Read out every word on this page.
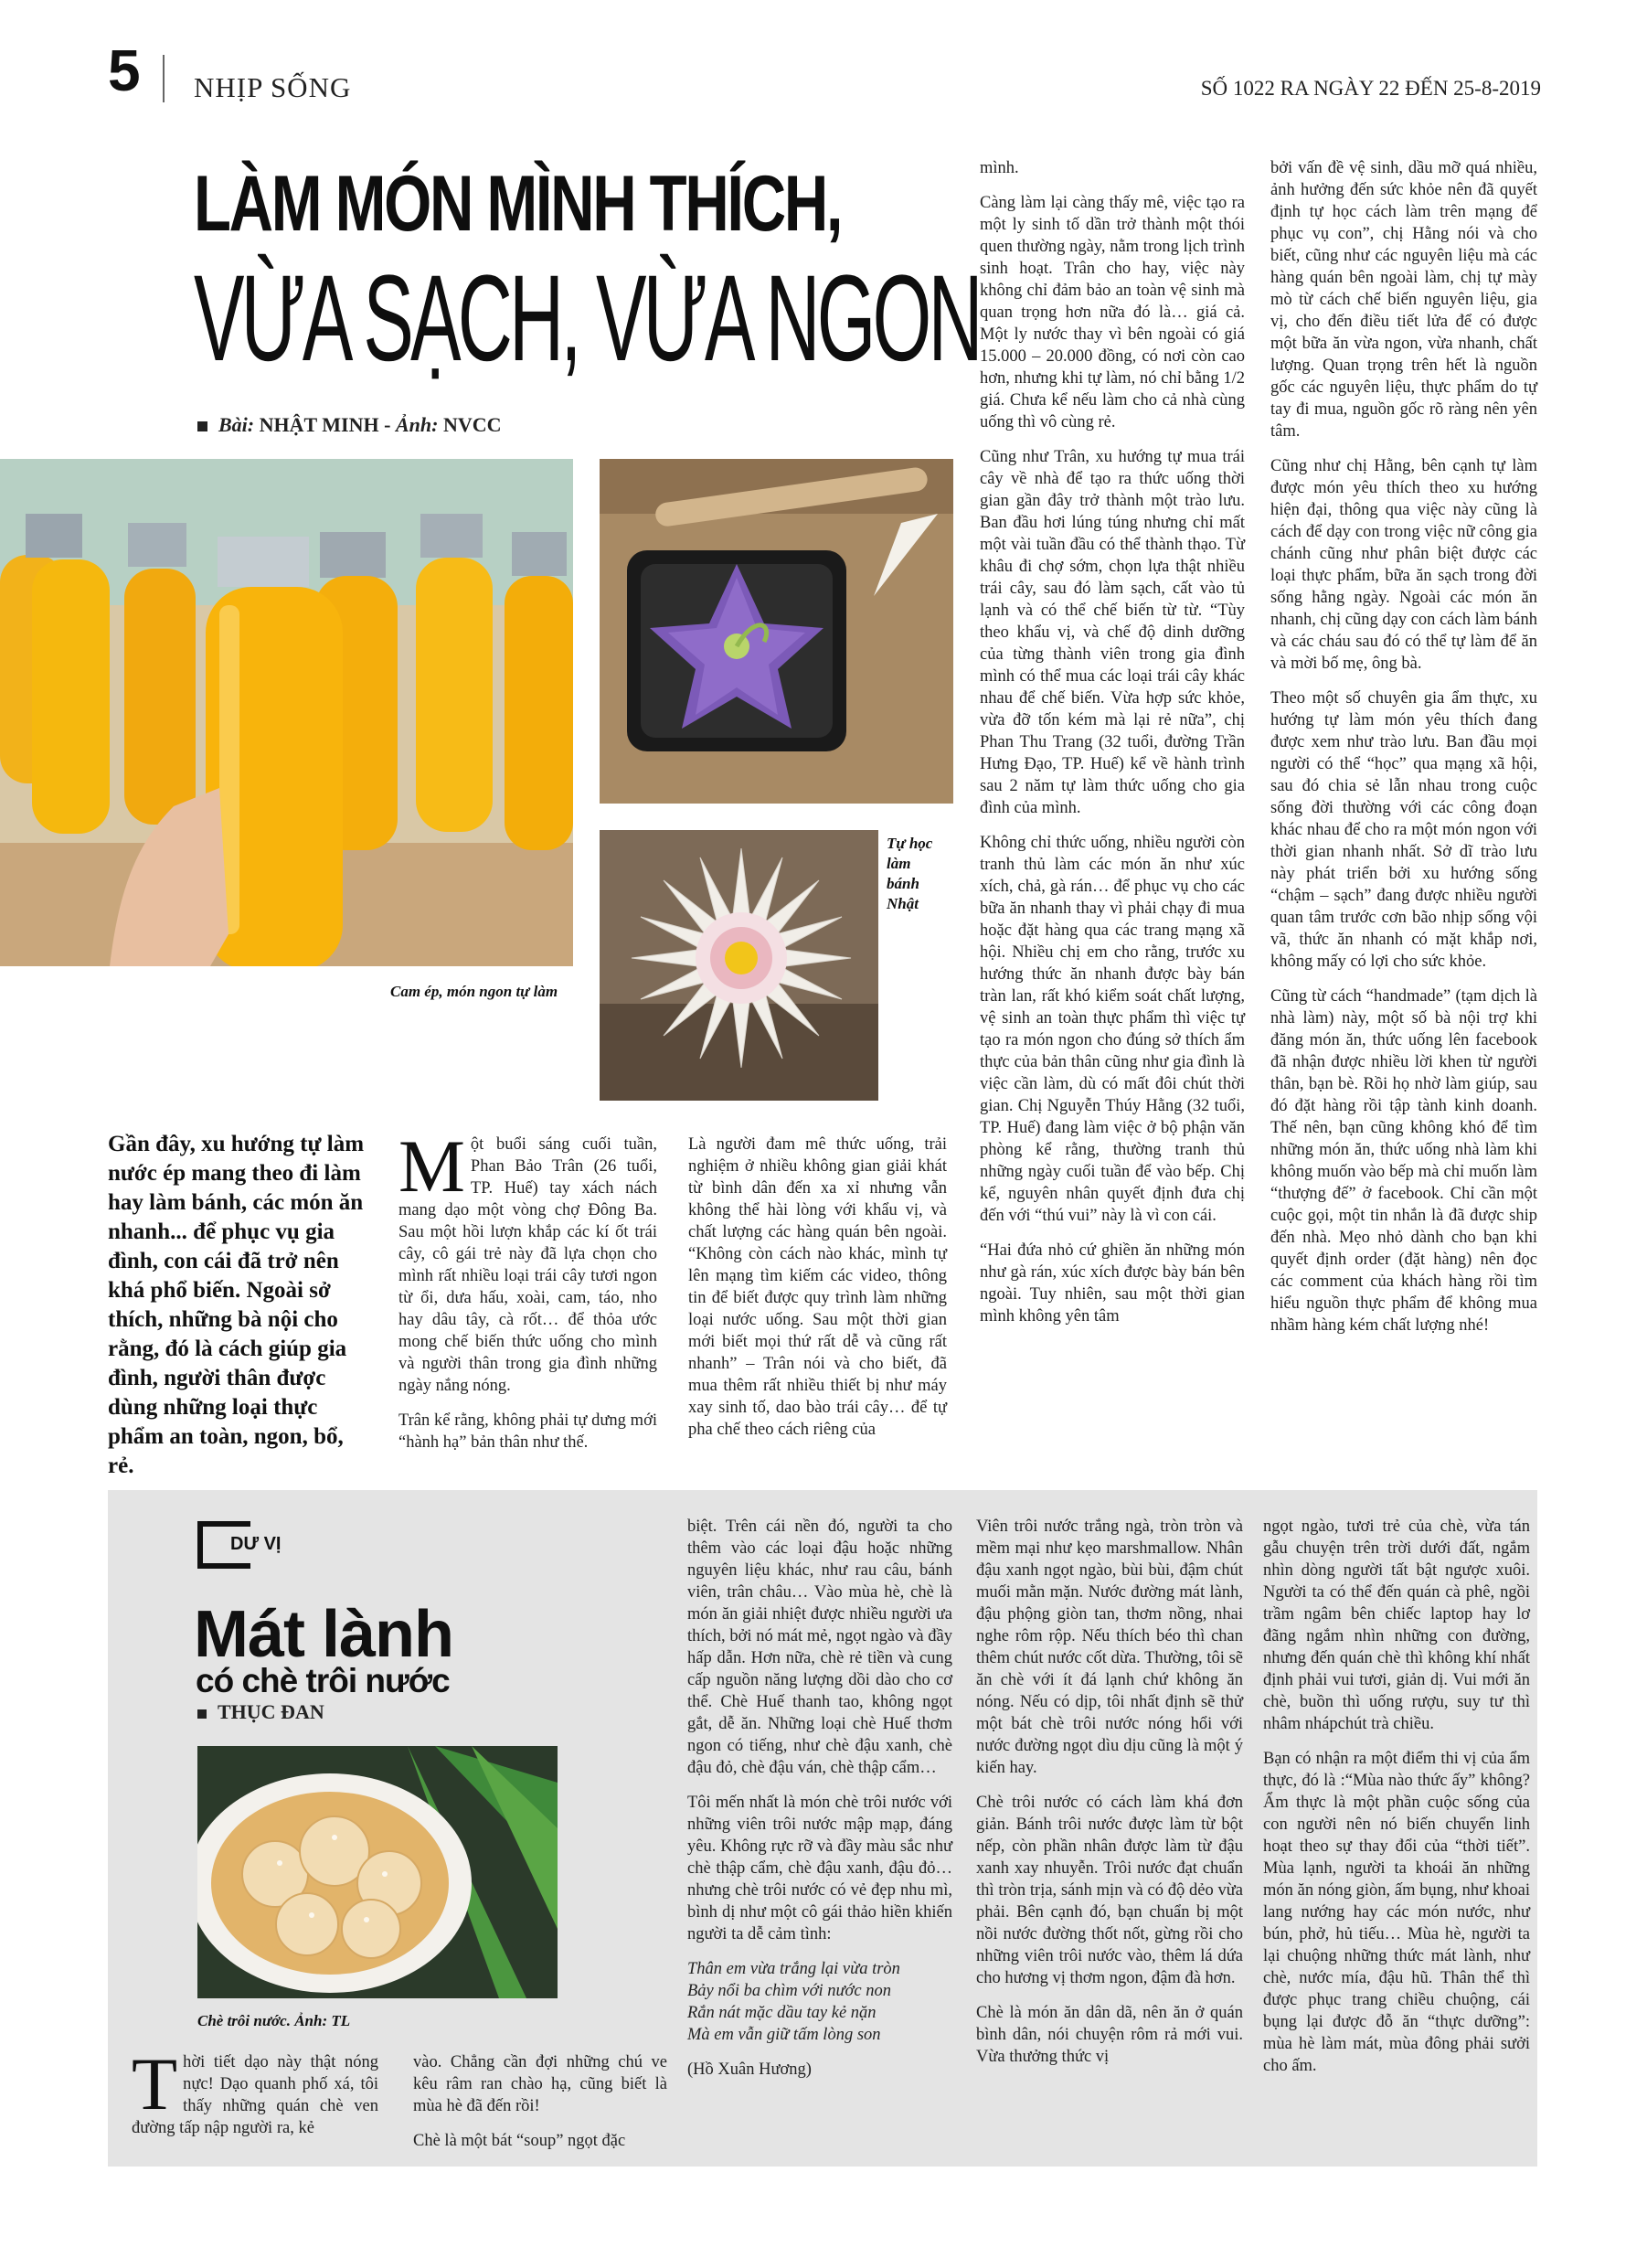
5 NHỊP SỐNG	SỐ 1022 RA NGÀY 22 ĐẾN 25-8-2019
LÀM MÓN MÌNH THÍCH,
VỪA SẠCH, VỪA NGON
Bài: NHẬT MINH - Ảnh: NVCC
Cam ép, món ngon tự làm
Tự học làm bánh Nhật
Gần đây, xu hướng tự làm nước ép mang theo đi làm hay làm bánh, các món ăn nhanh... để phục vụ gia đình, con cái đã trở nên khá phổ biến. Ngoài sở thích, những bà nội cho rằng, đó là cách giúp gia đình, người thân được dùng những loại thực phẩm an toàn, ngon, bổ, rẻ.

Một buổi sáng cuối tuần, Phan Bảo Trân (26 tuổi, TP. Huế) tay xách nách mang dạo một vòng chợ Đông Ba. Sau một hồi lượn khắp các kí ốt trái cây, cô gái trẻ này đã lựa chọn cho mình rất nhiều loại trái cây tươi ngon từ ổi, dưa hấu, xoài, cam, táo, nho hay dâu tây, cà rốt… để thỏa ước mong chế biến thức uống cho mình và người thân trong gia đình những ngày nắng nóng.

Trân kể rằng, không phải tự dưng mới “hành hạ” bản thân như thế.

Là người đam mê thức uống, trải nghiệm ở nhiều không gian giải khát từ bình dân đến xa xỉ nhưng vẫn không thể hài lòng với khẩu vị, và chất lượng các hàng quán bên ngoài. “Không còn cách nào khác, mình tự lên mạng tìm kiếm các video, thông tin để biết được quy trình làm những loại nước uống. Sau một thời gian mới biết mọi thứ rất dễ và cũng rất nhanh” – Trân nói và cho biết, đã mua thêm rất nhiều thiết bị như máy xay sinh tố, dao bào trái cây… để tự pha chế theo cách riêng của

mình.

Càng làm lại càng thấy mê, việc tạo ra một ly sinh tố dần trở thành một thói quen thường ngày, nằm trong lịch trình sinh hoạt. Trân cho hay, việc này không chỉ đảm bảo an toàn vệ sinh mà quan trọng hơn nữa đó là… giá cả. Một ly nước thay vì bên ngoài có giá 15.000 – 20.000 đồng, có nơi còn cao hơn, nhưng khi tự làm, nó chỉ bằng 1/2 giá. Chưa kể nếu làm cho cả nhà cùng uống thì vô cùng rẻ.

Cũng như Trân, xu hướng tự mua trái cây về nhà để tạo ra thức uống thời gian gần đây trở thành một trào lưu. Ban đầu hơi lúng túng nhưng chỉ mất một vài tuần đầu có thể thành thạo. Từ khâu đi chợ sớm, chọn lựa thật nhiều trái cây, sau đó làm sạch, cất vào tủ lạnh và có thể chế biến từ từ. “Tùy theo khẩu vị, và chế độ dinh dưỡng của từng thành viên trong gia đình mình có thể mua các loại trái cây khác nhau để chế biến. Vừa hợp sức khỏe, vừa đỡ tốn kém mà lại rẻ nữa”, chị Phan Thu Trang (32 tuổi, đường Trần Hưng Đạo, TP. Huế) kể về hành trình sau 2 năm tự làm thức uống cho gia đình của mình.

Không chỉ thức uống, nhiều người còn tranh thủ làm các món ăn như xúc xích, chả, gà rán… để phục vụ cho các bữa ăn nhanh thay vì phải chạy đi mua hoặc đặt hàng qua các trang mạng xã hội. Nhiều chị em cho rằng, trước xu hướng thức ăn nhanh được bày bán tràn lan, rất khó kiểm soát chất lượng, vệ sinh an toàn thực phẩm thì việc tự tạo ra món ngon cho đúng sở thích ẩm thực của bản thân cũng như gia đình là việc cần làm, dù có mất đôi chút thời gian. Chị Nguyễn Thúy Hằng (32 tuổi, TP. Huế) đang làm việc ở bộ phận văn phòng kể rằng, thường tranh thủ những ngày cuối tuần để vào bếp. Chị kể, nguyên nhân quyết định đưa chị đến với “thú vui” này là vì con cái.

“Hai đứa nhỏ cứ ghiền ăn những món như gà rán, xúc xích được bày bán bên ngoài. Tuy nhiên, sau một thời gian mình không yên tâm

bởi vấn đề vệ sinh, dầu mỡ quá nhiều, ảnh hưởng đến sức khỏe nên đã quyết định tự học cách làm trên mạng để phục vụ con”, chị Hằng nói và cho biết, cũng như các nguyên liệu mà các hàng quán bên ngoài làm, chị tự mày mò từ cách chế biến nguyên liệu, gia vị, cho đến điều tiết lửa để có được một bữa ăn vừa ngon, vừa nhanh, chất lượng. Quan trọng trên hết là nguồn gốc các nguyên liệu, thực phẩm do tự tay đi mua, nguồn gốc rõ ràng nên yên tâm.

Cũng như chị Hằng, bên cạnh tự làm được món yêu thích theo xu hướng hiện đại, thông qua việc này cũng là cách để dạy con trong việc nữ công gia chánh cũng như phân biệt được các loại thực phẩm, bữa ăn sạch trong đời sống hằng ngày. Ngoài các món ăn nhanh, chị cũng dạy con cách làm bánh và các cháu sau đó có thể tự làm để ăn và mời bố mẹ, ông bà.

Theo một số chuyên gia ẩm thực, xu hướng tự làm món yêu thích đang được xem như trào lưu. Ban đầu mọi người có thể “học” qua mạng xã hội, sau đó chia sẻ lẫn nhau trong cuộc sống đời thường với các công đoạn khác nhau để cho ra một món ngon với thời gian nhanh nhất. Sở dĩ trào lưu này phát triển bởi xu hướng sống “chậm – sạch” đang được nhiều người quan tâm trước cơn bão nhịp sống vội vã, thức ăn nhanh có mặt khắp nơi, không mấy có lợi cho sức khỏe.

Cũng từ cách “handmade” (tạm dịch là nhà làm) này, một số bà nội trợ khi đăng món ăn, thức uống lên facebook đã nhận được nhiều lời khen từ người thân, bạn bè. Rồi họ nhờ làm giúp, sau đó đặt hàng rồi tập tành kinh doanh. Thế nên, bạn cũng không khó để tìm những món ăn, thức uống nhà làm khi không muốn vào bếp mà chỉ muốn làm “thượng đế” ở facebook. Chỉ cần một cuộc gọi, một tin nhắn là đã được ship đến nhà. Mẹo nhỏ dành cho bạn khi quyết định order (đặt hàng) nên đọc các comment của khách hàng rồi tìm hiểu nguồn thực phẩm để không mua nhầm hàng kém chất lượng nhé!

DƯ VỊ
Mát lành
có chè trôi nước
THỤC ĐAN
Chè trôi nước. Ảnh: TL

Thời tiết dạo này thật nóng nực! Dạo quanh phố xá, tôi thấy những quán chè ven đường tấp nập người ra, kẻ

vào. Chẳng cần đợi những chú ve kêu râm ran chào hạ, cũng biết là mùa hè đã đến rồi!

Chè là một bát “soup” ngọt đặc

biệt. Trên cái nền đó, người ta cho thêm vào các loại đậu hoặc những nguyên liệu khác, như rau câu, bánh viên, trân châu… Vào mùa hè, chè là món ăn giải nhiệt được nhiều người ưa thích, bởi nó mát mẻ, ngọt ngào và đầy hấp dẫn. Hơn nữa, chè rẻ tiền và cung cấp nguồn năng lượng dồi dào cho cơ thể. Chè Huế thanh tao, không ngọt gắt, dễ ăn. Những loại chè Huế thơm ngon có tiếng, như chè đậu xanh, chè đậu đỏ, chè đậu ván, chè thập cẩm…

Tôi mến nhất là món chè trôi nước với những viên trôi nước mập mạp, đáng yêu. Không rực rỡ và đầy màu sắc như chè thập cẩm, chè đậu xanh, đậu đỏ… nhưng chè trôi nước có vẻ đẹp nhu mì, bình dị như một cô gái thảo hiền khiến người ta dễ cảm tình:

Thân em vừa trắng lại vừa tròn
Bảy nổi ba chìm với nước non
Rắn nát mặc dầu tay kẻ nặn
Mà em vẫn giữ tấm lòng son

(Hồ Xuân Hương)

Viên trôi nước trắng ngà, tròn tròn và mềm mại như kẹo marshmallow. Nhân đậu xanh ngọt ngào, bùi bùi, đậm chút muối mằn mặn. Nước đường mát lành, đậu phộng giòn tan, thơm nồng, nhai nghe rôm rộp. Nếu thích béo thì chan thêm chút nước cốt dừa. Thường, tôi sẽ ăn chè với ít đá lạnh chứ không ăn nóng. Nếu có dịp, tôi nhất định sẽ thử một bát chè trôi nước nóng hổi với nước đường ngọt dìu dịu cũng là một ý kiến hay.

Chè trôi nước có cách làm khá đơn giản. Bánh trôi nước được làm từ bột nếp, còn phần nhân được làm từ đậu xanh xay nhuyễn. Trôi nước đạt chuẩn thì tròn trịa, sánh mịn và có độ dẻo vừa phải. Bên cạnh đó, bạn chuẩn bị một nồi nước đường thốt nốt, gừng rồi cho những viên trôi nước vào, thêm lá dứa cho hương vị thơm ngon, đậm đà hơn.

Chè là món ăn dân dã, nên ăn ở quán bình dân, nói chuyện rôm rả mới vui. Vừa thưởng thức vị

ngọt ngào, tươi trẻ của chè, vừa tán gẫu chuyện trên trời dưới đất, ngắm nhìn dòng người tất bật ngược xuôi. Người ta có thể đến quán cà phê, ngồi trầm ngâm bên chiếc laptop hay lơ đãng ngắm nhìn những con đường, nhưng đến quán chè thì không khí nhất định phải vui tươi, giản dị. Vui mới ăn chè, buồn thì uống rượu, suy tư thì nhâm nhápchút trà chiều.

Bạn có nhận ra một điểm thi vị của ẩm thực, đó là :“Mùa nào thức ấy” không? Ẩm thực là một phần cuộc sống của con người nên nó biến chuyển linh hoạt theo sự thay đổi của “thời tiết”. Mùa lạnh, người ta khoái ăn những món ăn nóng giòn, ấm bụng, như khoai lang nướng hay các món nước, như bún, phở, hủ tiếu… Mùa hè, người ta lại chuộng những thức mát lành, như chè, nước mía, đậu hũ. Thân thể thì được phục trang chiều chuộng, cái bụng lại được đỗ ăn “thực dưỡng”: mùa hè làm mát, mùa đông phải sưởi cho ấm.
